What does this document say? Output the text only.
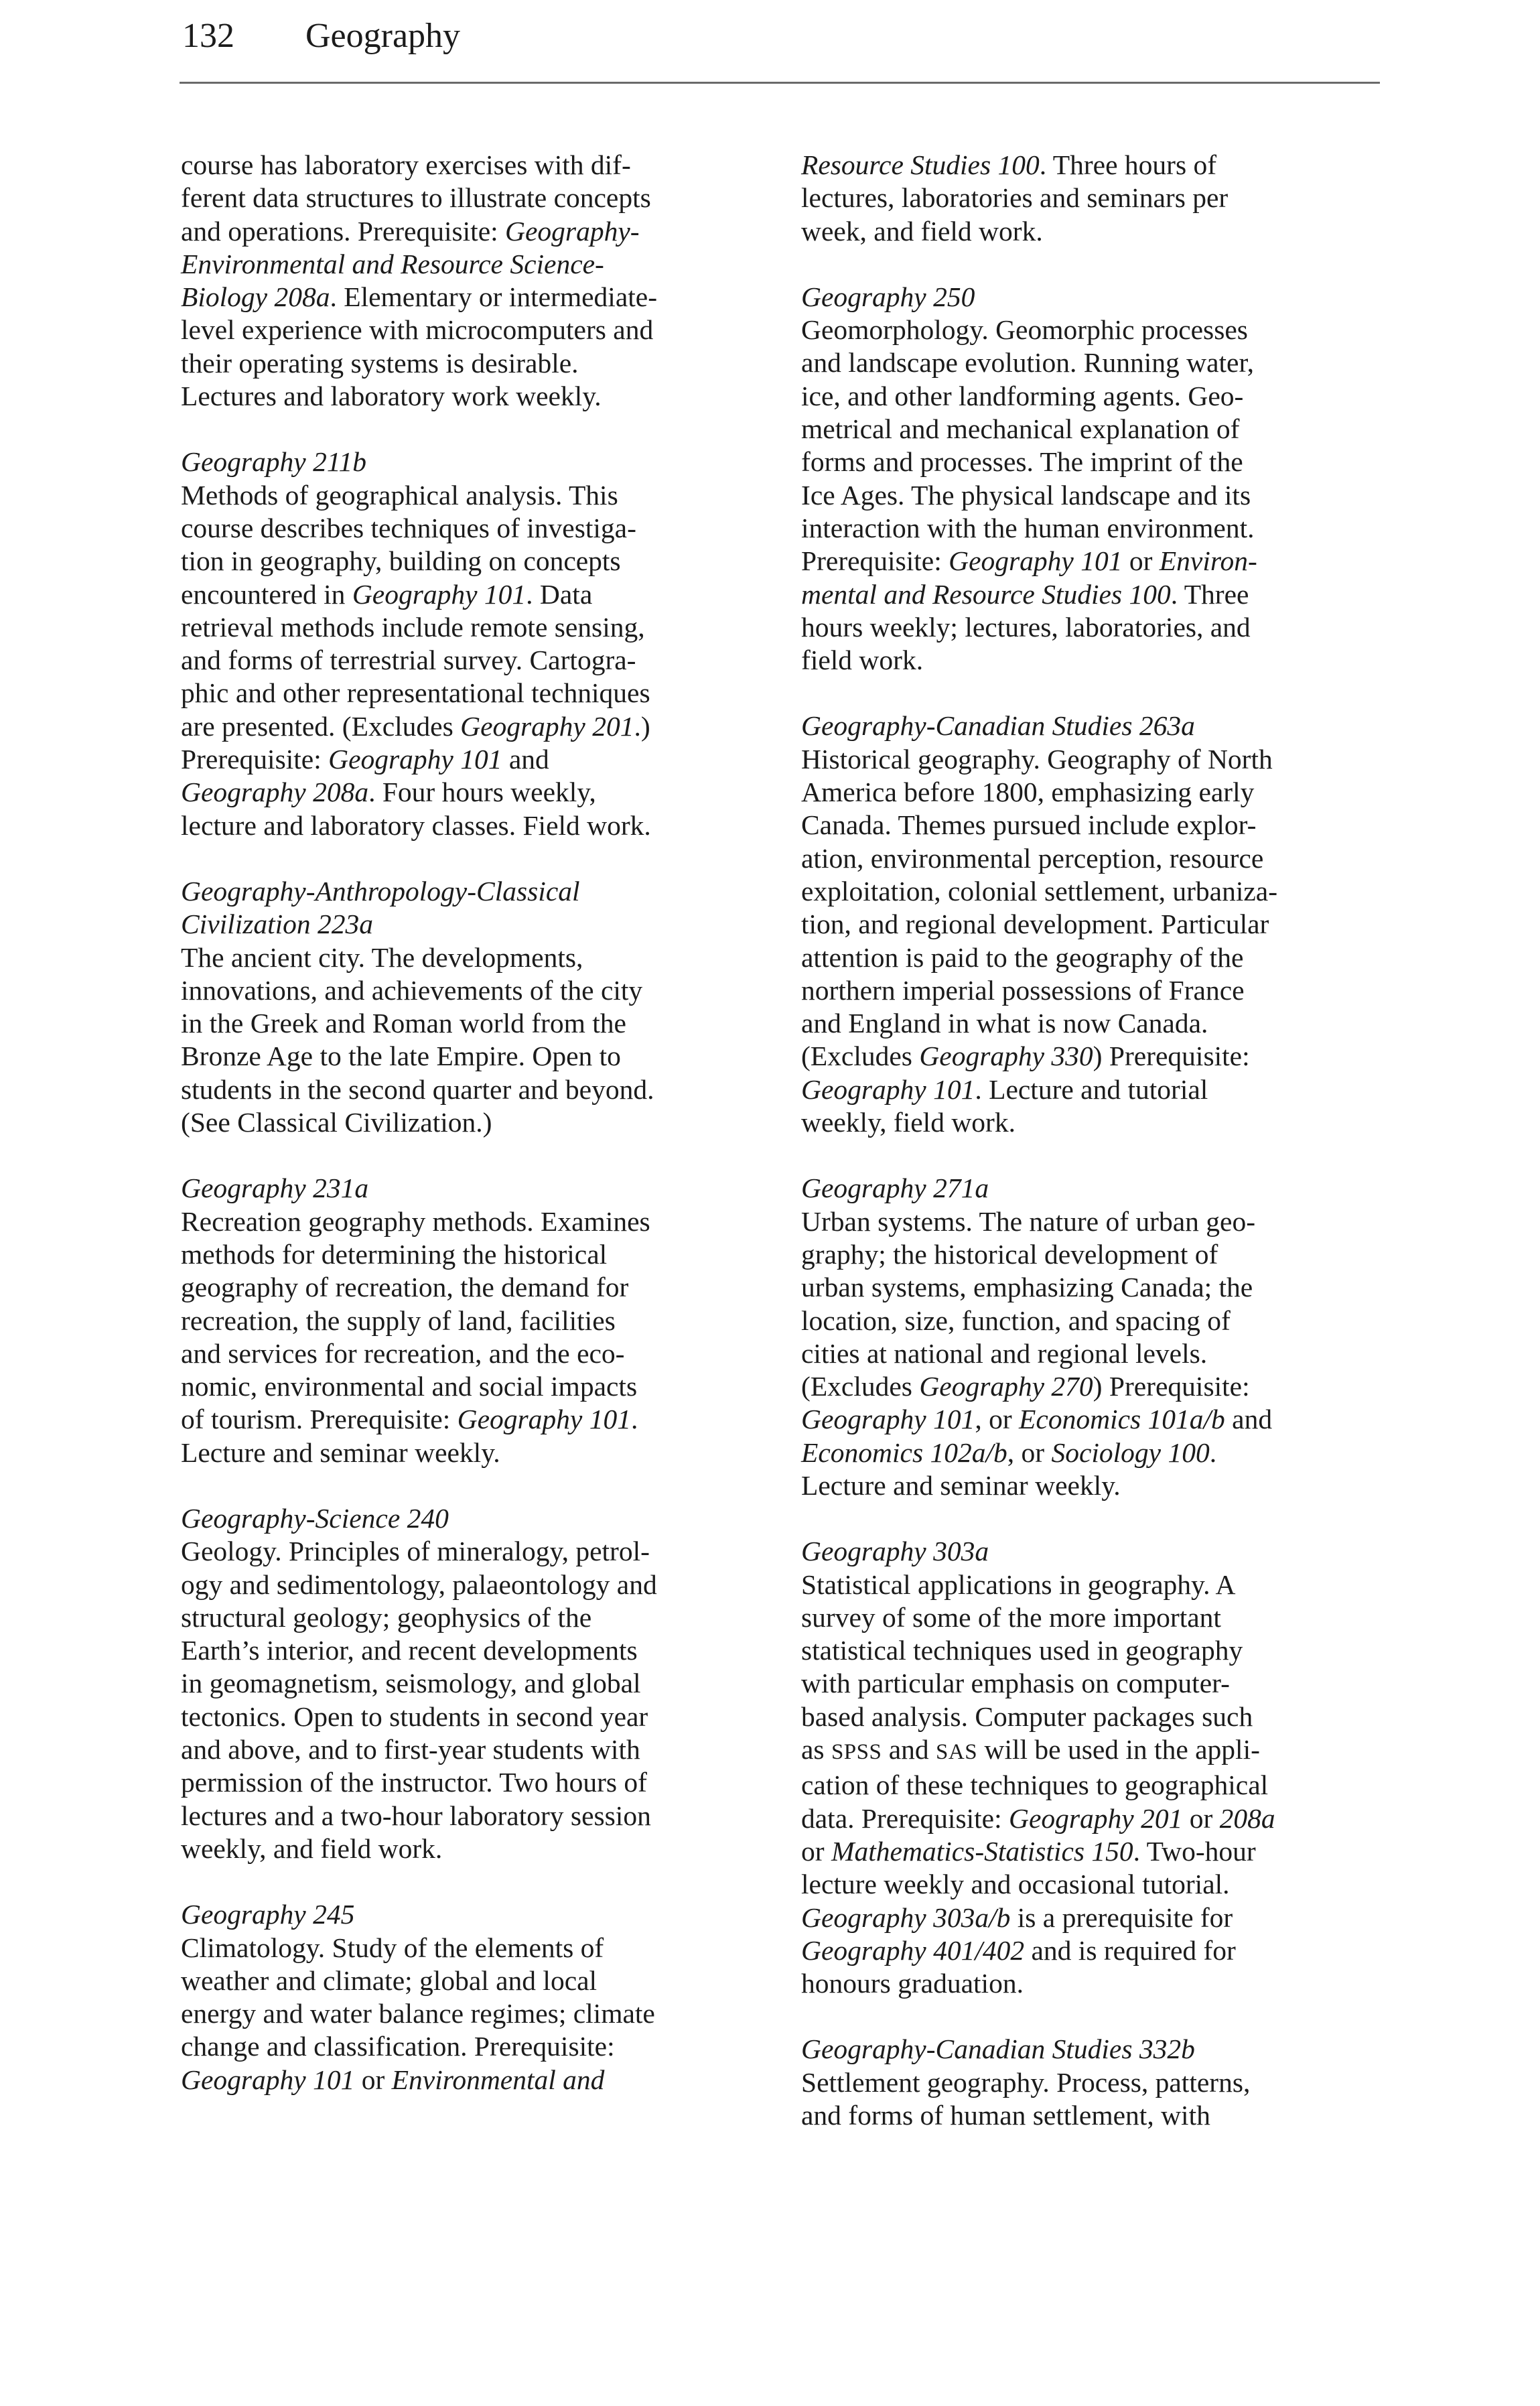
132 Geography
course has laboratory exercises with dif-
ferent data structures to illustrate concepts
and operations. Prerequisite: Geography-
Environmental and Resource Science-
Biology 208a. Elementary or intermediate-
level experience with microcomputers and
their operating systems is desirable.
Lectures and laboratory work weekly.
Geography 211b
Methods of geographical analysis. This
course describes techniques of investiga-
tion in geography, building on concepts
encountered in Geography 101. Data
retrieval methods include remote sensing,
and forms of terrestrial survey. Cartogra-
phic and other representational techniques
are presented. (Excludes Geography 201.)
Prerequisite: Geography 101 and
Geography 208a. Four hours weekly,
lecture and laboratory classes. Field work.
Geography-Anthropology-Classical
Civilization 223a
The ancient city. The developments,
innovations, and achievements of the city
in the Greek and Roman world from the
Bronze Age to the late Empire. Open to
students in the second quarter and beyond.
(See Classical Civilization.)
Geography 231a
Recreation geography methods. Examines
methods for determining the historical
geography of recreation, the demand for
recreation, the supply of land, facilities
and services for recreation, and the eco-
nomic, environmental and social impacts
of tourism. Prerequisite: Geography 101.
Lecture and seminar weekly.
Geography-Science 240
Geology. Principles of mineralogy, petrol-
ogy and sedimentology, palaeontology and
structural geology; geophysics of the
Earth’s interior, and recent developments
in geomagnetism, seismology, and global
tectonics. Open to students in second year
and above, and to first-year students with
permission of the instructor. Two hours of
lectures and a two-hour laboratory session
weekly, and field work.
Geography 245
Climatology. Study of the elements of
weather and climate; global and local
energy and water balance regimes; climate
change and classification. Prerequisite:
Geography 101 or Environmental and
Resource Studies 100. Three hours of
lectures, laboratories and seminars per
week, and field work.
Geography 250
Geomorphology. Geomorphic processes
and landscape evolution. Running water,
ice, and other landforming agents. Geo-
metrical and mechanical explanation of
forms and processes. The imprint of the
Ice Ages. The physical landscape and its
interaction with the human environment.
Prerequisite: Geography 101 or Environ-
mental and Resource Studies 100. Three
hours weekly; lectures, laboratories, and
field work.
Geography-Canadian Studies 263a
Historical geography. Geography of North
America before 1800, emphasizing early
Canada. Themes pursued include explor-
ation, environmental perception, resource
exploitation, colonial settlement, urbaniza-
tion, and regional development. Particular
attention is paid to the geography of the
northern imperial possessions of France
and England in what is now Canada.
(Excludes Geography 330) Prerequisite:
Geography 101. Lecture and tutorial
weekly, field work.
Geography 271a
Urban systems. The nature of urban geo-
graphy; the historical development of
urban systems, emphasizing Canada; the
location, size, function, and spacing of
cities at national and regional levels.
(Excludes Geography 270) Prerequisite:
Geography 101, or Economics 101a/b and
Economics 102a/b, or Sociology 100.
Lecture and seminar weekly.
Geography 303a
Statistical applications in geography. A
survey of some of the more important
statistical techniques used in geography
with particular emphasis on computer-
based analysis. Computer packages such
as SPSS and SAS will be used in the appli-
cation of these techniques to geographical
data. Prerequisite: Geography 201 or 208a
or Mathematics-Statistics 150. Two-hour
lecture weekly and occasional tutorial.
Geography 303a/b is a prerequisite for
Geography 401/402 and is required for
honours graduation.
Geography-Canadian Studies 332b
Settlement geography. Process, patterns,
and forms of human settlement, with
